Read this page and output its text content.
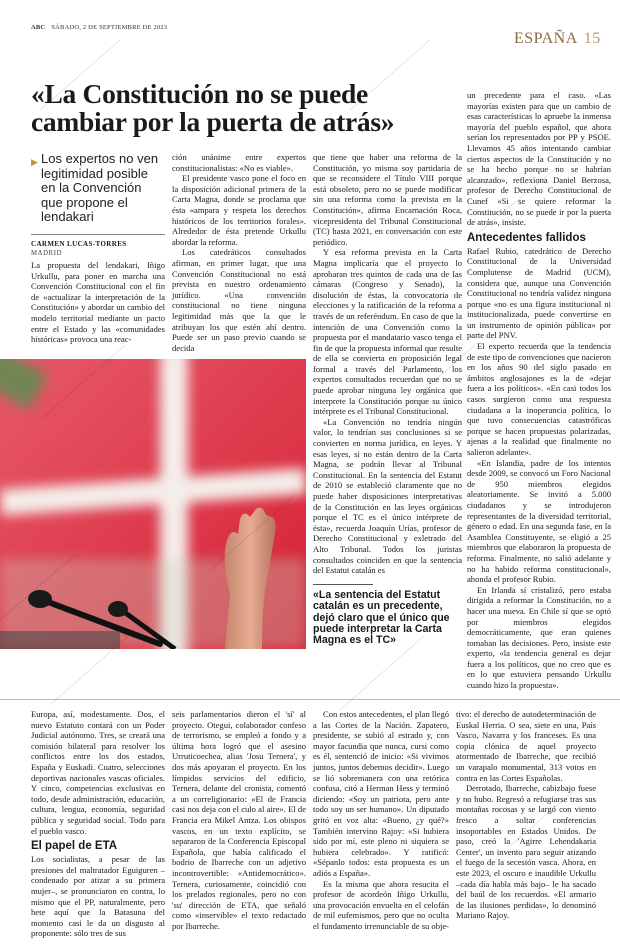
ABC SÁBADO, 2 DE SEPTIEMBRE DE 2023
ESPAÑA 15
«La Constitución no se puede cambiar por la puerta de atrás»
▶ Los expertos no ven legitimidad posible en la Convención que propone el lendakari
CARMEN LUCAS-TORRES
MADRID

La propuesta del lendakari, Iñigo Urkullu, para poner en marcha una Convención Constitucional con el fin de «actualizar la interpretación de la Constitución» y abordar un cambio del modelo territorial mediante un pacto entre el Estado y las «comunidades históricas» provoca una reac-

ción unánime entre expertos constitucionalistas: «No es viable».

El presidente vasco pone el foco en la disposición adicional primera de la Carta Magna, donde se proclama que ésta «ampara y respeta los derechos históricos de los territorios forales». Alrededor de ésta pretende Urkullu abordar la reforma.

Los catedráticos consultados afirman, en primer lugar, que una Convención Constitucional no está prevista en nuestro ordenamiento jurídico. «Una convención constitucional no tiene ninguna legitimidad más que la que le atribuyan los que estén ahí dentro. Puede ser un paso previo cuando se decida

que tiene que haber una reforma de la Constitución, yo misma soy partidaria de que se reconsidere el Título VIII porque está obsoleto, pero no se puede modificar sin una reforma como la prevista en la Constitución», afirma Encarnación Roca, vicepresidenta del Tribunal Constitucional (TC) hasta 2021, en conversación con este periódico.

Y esa reforma prevista en la Carta Magna implicaría que el proyecto lo aprobaran tres quintos de cada una de las cámaras (Congreso y Senado), la disolución de éstas, la convocatoria de elecciones y la ratificación de la reforma a través de un referéndum. En caso de que la intención de una Convención como la propuesta por el mandatario vasco tenga el fin de que la propuesta informal que resulte de ella se convierta en proposición legal formal a través del Parlamento, los expertos consultados recuerdan que no se puede aprobar ninguna ley orgánica que interprete la Constitución porque su único intérprete es el Tribunal Constitucional.

«La Convención no tendría ningún valor, lo tendrían sus conclusiones si se convierten en norma jurídica, en leyes. Y esas leyes, si no están dentro de la Carta Magna, se podrán llevar al Tribunal Constitucional. En la sentencia del Estatut de 2010 se estableció claramente que no puede haber disposiciones interpretativas de la Constitución en las leyes orgánicas porque el TC es el único intérprete de ésta», recuerda Joaquín Urías, profesor de Derecho Constitucional y exletrado del Alto Tribunal. Todos los juristas consultados coinciden en que la sentencia del Estatut catalán es

«La sentencia del Estatut catalán es un precedente, dejó claro que el único que puede interpretar la Carta Magna es el TC»

un precedente para el caso. «Las mayorías existen para que un cambio de esas características lo apruebe la inmensa mayoría del pueblo español, que ahora serían los representados por PP y PSOE. Llevamos 45 años intentando cambiar ciertos aspectos de la Constitución y no se ha hecho porque no se habrían alcanzado», reflexiona Daniel Berzosa, profesor de Derecho Constitucional de Cunef «Si se quiere reformar la Constitución, no se puede ir por la puerta de atrás», insiste.

Antecedentes fallidos

Rafael Rubio, catedrático de Derecho Constitucional de la Universidad Complutense de Madrid (UCM), considera que, aunque una Convención Constitucional no tendría validez ninguna porque «no es una figura institucional ni institucionalizada, puede convertirse en un instrumento de opinión pública» por parte del PNV.

El experto recuerda que la tendencia de este tipo de convenciones que nacieron en los años 90 del siglo pasado en ámbitos anglosajones es la de «dejar fuera a los políticos». «En casi todos los casos surgieron como una respuesta ciudadana a la inoperancia política, lo que tuvo consecuencias catastróficas porque se hacen propuestas polarizadas, ajenas a la realidad que finalmente no salieron adelante».

«En Islandia, padre de los intentos desde 2009, se convocó un Foro Nacional de 950 miembros elegidos aleatoriamente. Se invitó a 5.000 ciudadanos y se introdujeron representantes de la diversidad territorial, género o edad. En una segunda fase, en la Asamblea Constituyente, se eligió a 25 miembros que elaboraron la propuesta de reforma. Finalmente, no salió adelante y no ha habido reforma constitucional», ahonda el profesor Rubio.

En Irlanda sí cristalizó, pero estaba dirigida a reformar la Constitución, no a hacer una nueva. En Chile sí que se optó por miembros elegidos democráticamente, que eran quienes tomaban las decisiones. Pero, insiste este experto, «la tendencia general es dejar fuera a los políticos, que no creo que es en lo que estuviera pensando Urkullu cuando hizo la propuesta».

Europa, así, modestamente. Dos, el nuevo Estatuto contará con un Poder Judicial autónomo. Tres, se creará una comisión bilateral para resolver los conflictos entre los dos estados, España y Euskadi. Cuatro, selecciones deportivas nacionales vascas oficiales. Y cinco, competencias exclusivas en todo, desde administración, educación, cultura, lengua, economía, seguridad pública y seguridad social. Todo para el pueblo vasco.

El papel de ETA

Los socialistas, a pesar de las presiones del maltratador Eguiguren –condenado por atizar a su primera mujer–, se pronunciaron en contra, lo mismo que el PP, naturalmente, pero hete aquí que la Batasuna del momento casi le da un disgusto al proponente: sólo tres de sus

seis parlamentarios dieron el 'sí' al proyecto. Otegui, colaborador confeso de terrorismo, se empleó a fondo y a última hora logró que el asesino Urruticoechea, alias 'Josu Ternera', y dos más apoyaran el proyecto. En los límpidos servicios del edificio, Ternera, delante del cronista, comentó a un correligionario: «El de Francia casi nos deja con el culo al aire». El de Francia era Mikel Antza. Los obispos vascos, en un texto explícito, se separaron de la Conferencia Episcopal Española, que había calificado el bodrio de Ibarreche con un adjetivo incontrovertible: «Antidemocrático». Ternera, curiosamente, coincidió con los prelados regionales, pero no con 'su' dirección de ETA, que señaló como «inservible» el texto redactado por Ibarreche.

Con estos antecedentes, el plan llegó a las Cortes de la Nación. Zapatero, presidente, se subió al estrado y, con mayor facundia que nunca, cursi como es él, sentenció de inicio: «Si vivimos juntos, juntos debemos decidir». Luego se lió sobremanera con una retórica confusa, citó a Herman Hess y terminó diciendo: «Soy un patriota, pero ante todo soy un ser humano». Un diputado gritó en voz alta: «Bueno, ¿y qué?» También intervino Rajoy: «Si hubiera sido por mí, este pleno ni siquiera se hubiera celebrado». Y ratificó: «Sépanlo todos: esta propuesta es un adiós a España».

Es la misma que ahora resucita el profesor de acordeón Iñigo Urkullu, una provocación envuelta en el celofán de mil eufemismos, pero que no oculta el fundamento irrenunciable de su obje-

tivo: el derecho de autodeterminación de Euskal Herria. O sea, siete en una, País Vasco, Navarra y los franceses. Es una copia clónica de aquel proyecto atormentado de Ibarreche, que recibió un varapalo monumental, 313 votos en contra en las Cortes Españolas.

Derrotado, Ibarreche, cabizbajo fuese y no hubo. Regresó a refugiarse tras sus montañas rocosas y se largó con viento fresco a soltar conferencias insoportables en Estados Unidos. De paso, creó la 'Agirre Lehendakaria Center', un invento para seguir atizando el fuego de la secesión vasca. Ahora, en este 2023, el oscuro e inaudible Urkullu –cada día habla más bajo– le ha sacado del baúl de los recuerdos. «El armario de las ilusiones perdidas», lo denominó Mariano Rajoy.
